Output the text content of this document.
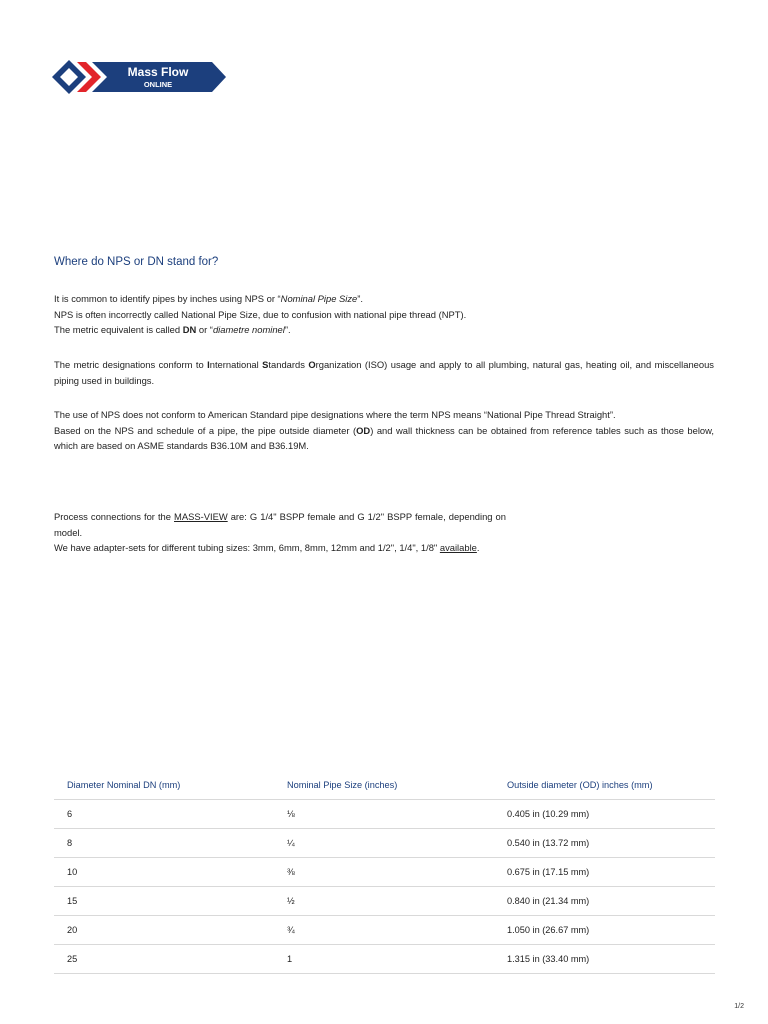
Mass Flow
ONLINE
Where do NPS or DN stand for?

It is common to identify pipes by inches using NPS or “Nominal Pipe Size”.
NPS is often incorrectly called National Pipe Size, due to confusion with national pipe thread (NPT).
The metric equivalent is called DN or “diametre nominel”.

The metric designations conform to International Standards Organization (ISO) usage and apply to all plumbing, natural gas, heating oil, and miscellaneous piping used in buildings.

The use of NPS does not conform to American Standard pipe designations where the term NPS means “National Pipe Thread Straight”.
Based on the NPS and schedule of a pipe, the pipe outside diameter (OD) and wall thickness can be obtained from reference tables such as those below, which are based on ASME standards B36.10M and B36.19M.

Process connections for the MASS-VIEW are: G 1/4" BSPP female and G 1/2" BSPP female, depending on model.
We have adapter-sets for different tubing sizes: 3mm, 6mm, 8mm, 12mm and 1/2", 1/4", 1/8" available.

Diameter Nominal DN (mm)	Nominal Pipe Size (inches)	Outside diameter (OD) inches (mm)
6	⅛	0.405 in (10.29 mm)
8	¼	0.540 in (13.72 mm)
10	⅜	0.675 in (17.15 mm)
15	½	0.840 in (21.34 mm)
20	¾	1.050 in (26.67 mm)
25	1	1.315 in (33.40 mm)
1/2
